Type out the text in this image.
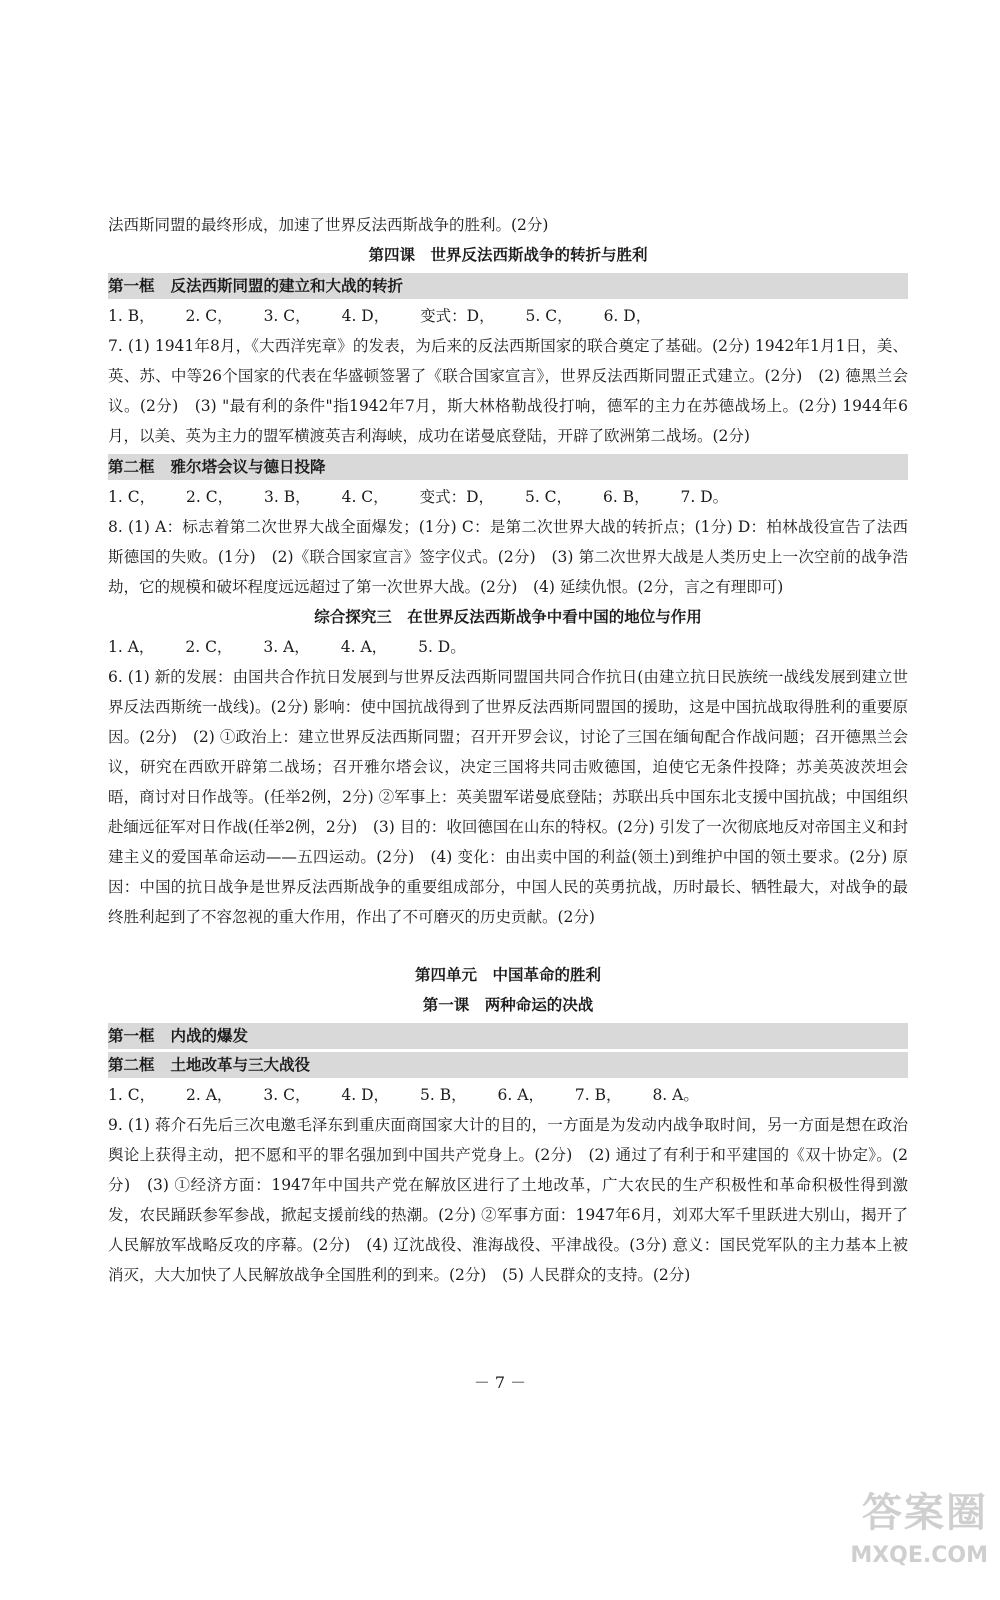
法西斯同盟的最终形成，加速了世界反法西斯战争的胜利。(2分)

第四课　世界反法西斯战争的转折与胜利
第一框 反法西斯同盟的建立和大战的转折
1. B， 2. C， 3. C， 4. D， 变式：D， 5. C， 6. D，

7. (1) 1941年8月，《大西洋宪章》的发表，为后来的反法西斯国家的联合奠定了基础。(2分) 1942年1月1日，美、英、苏、中等26个国家的代表在华盛顿签署了《联合国家宣言》，世界反法西斯同盟正式建立。(2分)　(2) 德黑兰会议。(2分)　(3) "最有利的条件"指1942年7月，斯大林格勒战役打响，德军的主力在苏德战场上。(2分) 1944年6月，以美、英为主力的盟军横渡英吉利海峡，成功在诺曼底登陆，开辟了欧洲第二战场。(2分)

第二框 雅尔塔会议与德日投降
1. C， 2. C， 3. B， 4. C， 变式：D， 5. C， 6. B， 7. D。

8. (1) A：标志着第二次世界大战全面爆发；(1分) C：是第二次世界大战的转折点；(1分) D：柏林战役宣告了法西斯德国的失败。(1分)　(2)《联合国家宣言》签字仪式。(2分)　(3) 第二次世界大战是人类历史上一次空前的战争浩劫，它的规模和破坏程度远远超过了第一次世界大战。(2分)　(4) 延续仇恨。(2分，言之有理即可)

综合探究三　在世界反法西斯战争中看中国的地位与作用
1. A， 2. C， 3. A， 4. A， 5. D。

6. (1) 新的发展：由国共合作抗日发展到与世界反法西斯同盟国共同合作抗日(由建立抗日民族统一战线发展到建立世界反法西斯统一战线)。(2分) 影响：使中国抗战得到了世界反法西斯同盟国的援助，这是中国抗战取得胜利的重要原因。(2分)　(2) ①政治上：建立世界反法西斯同盟；召开开罗会议，讨论了三国在缅甸配合作战问题；召开德黑兰会议，研究在西欧开辟第二战场；召开雅尔塔会议，决定三国将共同击败德国，迫使它无条件投降；苏美英波茨坦会晤，商讨对日作战等。(任举2例，2分) ②军事上：英美盟军诺曼底登陆；苏联出兵中国东北支援中国抗战；中国组织赴缅远征军对日作战(任举2例，2分)　(3) 目的：收回德国在山东的特权。(2分) 引发了一次彻底地反对帝国主义和封建主义的爱国革命运动——五四运动。(2分)　(4) 变化：由出卖中国的利益(领土)到维护中国的领土要求。(2分) 原因：中国的抗日战争是世界反法西斯战争的重要组成部分，中国人民的英勇抗战，历时最长、牺牲最大，对战争的最终胜利起到了不容忽视的重大作用，作出了不可磨灭的历史贡献。(2分)

第四单元　中国革命的胜利
第一课　两种命运的决战
第一框 内战的爆发
第二框 土地改革与三大战役
1. C， 2. A， 3. C， 4. D， 5. B， 6. A， 7. B， 8. A。

9. (1) 蒋介石先后三次电邀毛泽东到重庆面商国家大计的目的，一方面是为发动内战争取时间，另一方面是想在政治舆论上获得主动，把不愿和平的罪名强加到中国共产党身上。(2分)　(2) 通过了有利于和平建国的《双十协定》。(2分)　(3) ①经济方面：1947年中国共产党在解放区进行了土地改革，广大农民的生产积极性和革命积极性得到激发，农民踊跃参军参战，掀起支援前线的热潮。(2分) ②军事方面：1947年6月，刘邓大军千里跃进大别山，揭开了人民解放军战略反攻的序幕。(2分)　(4) 辽沈战役、淮海战役、平津战役。(3分) 意义：国民党军队的主力基本上被消灭，大大加快了人民解放战争全国胜利的到来。(2分)　(5) 人民群众的支持。(2分)

－ 7 －
答案圈
MXQE.COM
